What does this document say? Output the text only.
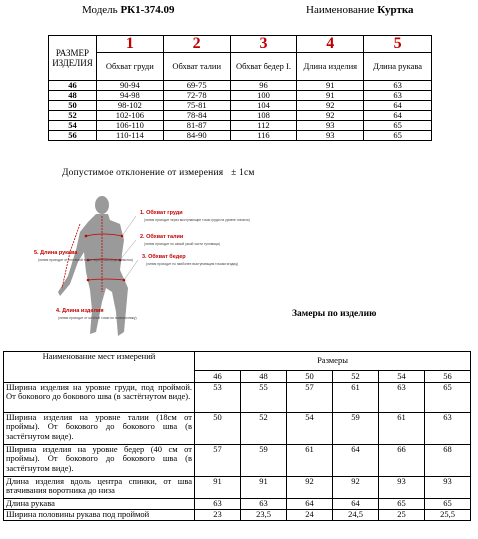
Модель РК1-374.09	Наименование Куртка
РАЗМЕР ИЗДЕЛИЯ	1	2	3	4	5
	Обхват груди	Обхват талии	Обхват бедер I.	Длина изделия	Длина рукава
46	90-94	69-75	96	91	63
48	94-98	72-78	100	91	63
50	98-102	75-81	104	92	64
52	102-106	78-84	108	92	64
54	106-110	81-87	112	93	65
56	110-114	84-90	116	93	65
Допустимое отклонение от измерения ± 1см
1. Обхват груди
(линия проходит через выступающие точки груди на уровне лопаток)
2. Обхват талии
(линия проходит по самой узкой части туловища)
3. Обхват бедер
(линия проходит по наиболее выступающим точкам ягодиц)
5. Длина рукава
(линия проходит от плечевой точки через локоть до запястья)
4. Длина изделия
(линия проходит от шейной точки по позвоночнику)	Замеры по изделию
Наименование мест измерений	Размеры					
	46	48	50	52	54	56
Ширина изделия на уровне груди, под проймой. От бокового до бокового шва (в застёгнутом виде).	53	55	57	61	63	65
Ширина изделия на уровне талии (18см от проймы). От бокового до бокового шва (в застёгнутом виде).	50	52	54	59	61	63
Ширина изделия на уровне бедер (40 см от проймы). От бокового до бокового шва (в застёгнутом виде).	57	59	61	64	66	68
Длина изделия вдоль центра спинки, от шва втачивания воротника до низа	91	91	92	92	93	93
Длина рукава	63	63	64	64	65	65
Ширина половины рукава под проймой	23	23,5	24	24,5	25	25,5
